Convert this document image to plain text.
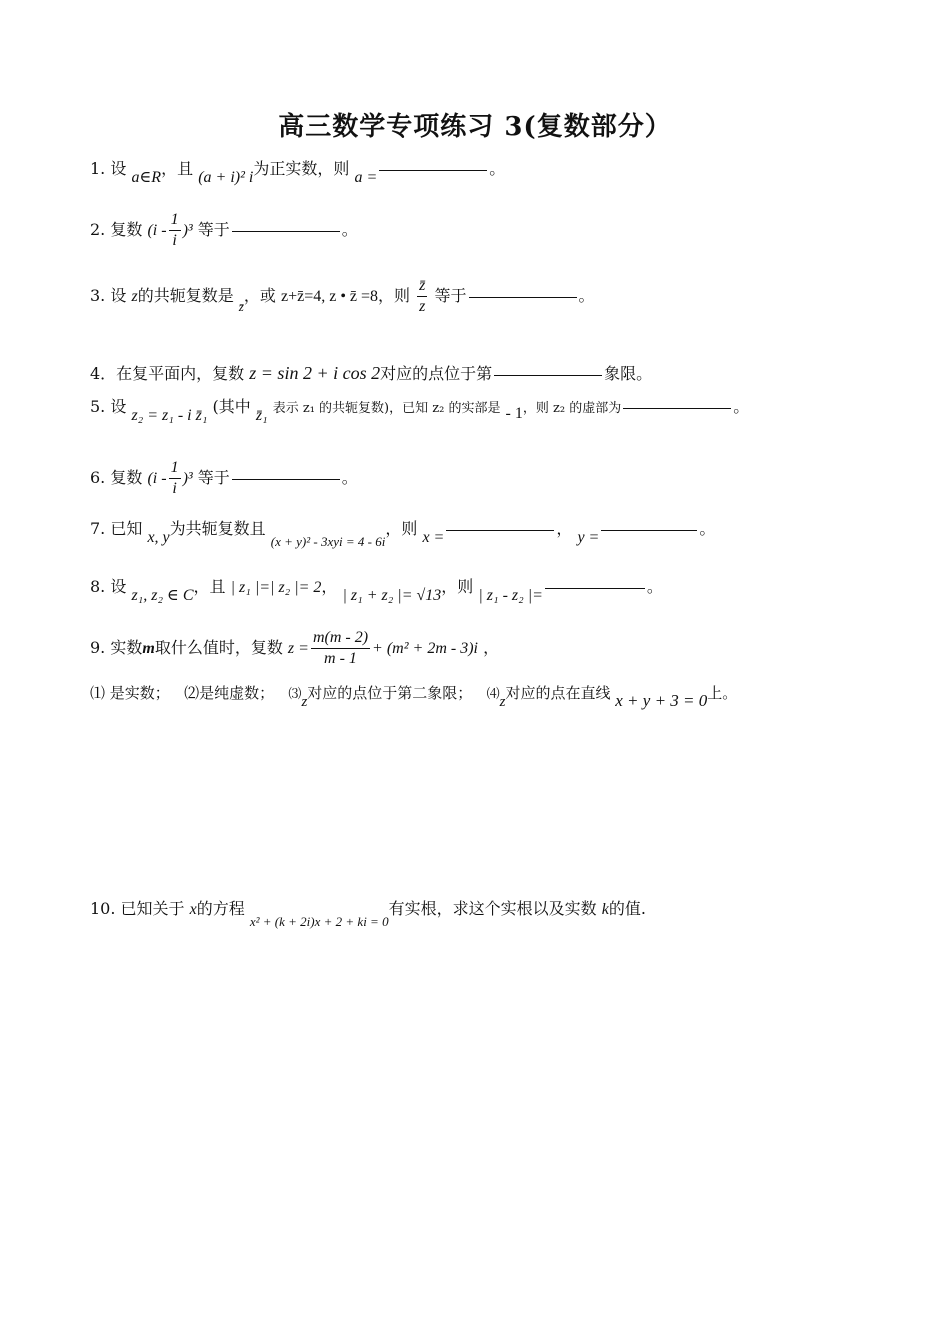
高三数学专项练习 3(复数部分）
1. 设 a∈R，且 (a + i)² i为正实数，则 a =	。
2. 复数 $(i - \frac{1}{i} )^3$ 等于	。
3. 设 z的共轭复数是 $_{z̄}$，或 z+z̄=4, z • z̄ =8，则 $\frac{z̄}{z}$ 等于	。
4．在复平面内，复数 z = sin 2 + i cos 2对应的点位于第	象限。
5. 设 z₂ = z₁ - i z̄₁ (其中 z̄₁ 表示 z₁ 的共轭复数)，已知 z₂ 的实部是 - 1，则 z₂ 的虚部为	。
6. 复数 $(i - \frac{1}{i} )^3$ 等于	。
7. 已知 x, y为共轭复数且 $_{(x + y)^2 - 3xyi = 4 - 6i}$，则 x =	， y =	。
8. 设 z₁, z₂ ∈ C，且 | z₁ |=| z₂ |= 2， | z₁ + z₂ |= √13，则 | z₁ - z₂ |=	。
9. 实数m取什么值时，复数 $z = \frac{m(m - 2)}{m - 1} + (m^2 + 2m - 3)i$ ，
⑴ 是实数； ⑵是纯虚数； ⑶z对应的点位于第二象限； ⑷z对应的点在直线 x + y + 3 = 0上。
10. 已知关于 x的方程 $_{x^2 + (k + 2i)x + 2 + ki = 0}$有实根，求这个实根以及实数 k的值.
